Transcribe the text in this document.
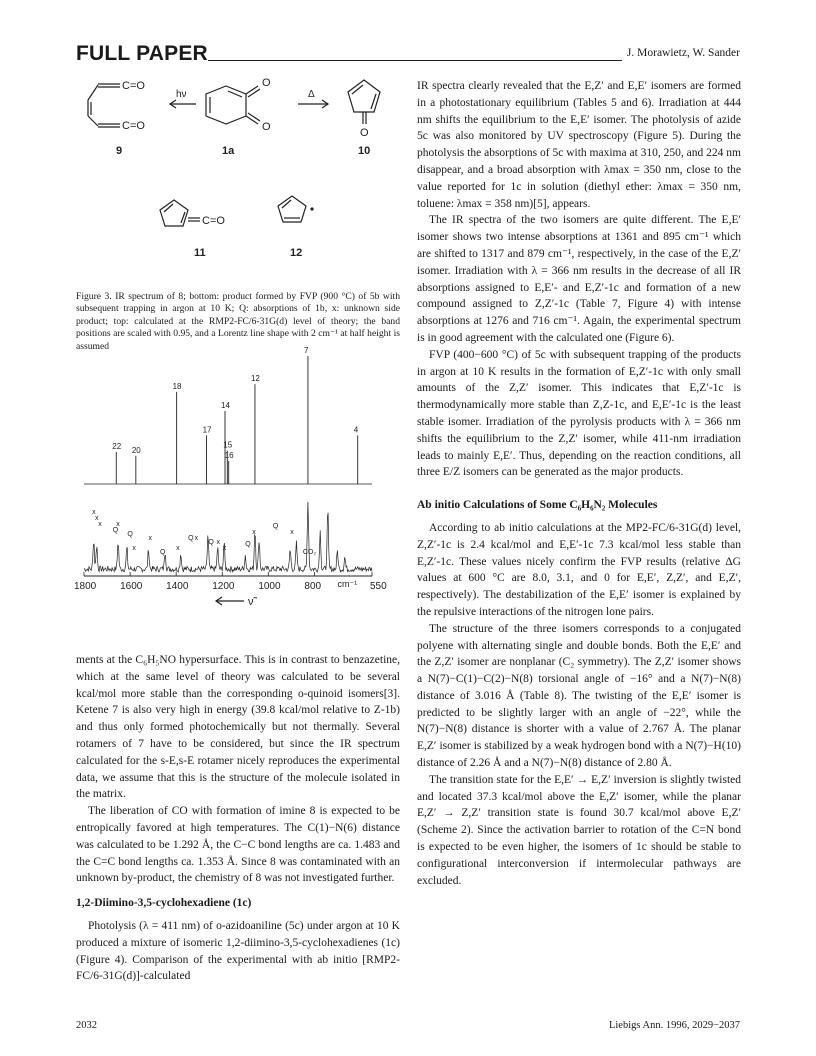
FULL PAPER	J. Morawietz, W. Sander
C=O
C=O
hν
O
O
Δ
O
C=O
9	1a	10
11	12
Figure 3. IR spectrum of 8; bottom: product formed by FVP (900 °C) of 5b with subsequent trapping in argon at 10 K; Q: absorptions of 1b, x: unknown side product; top: calculated at the RMP2-FC/6-31G(d) level of theory; the band positions are scaled with 0.95, and a Lorentz line shape with 2 cm⁻¹ at half height is assumed
22 20
18
17
14
15
16
12
7
4
x
x
x
Q
x
Q
x
x
Q
x
Q x
Q x
x
Q
x
Q
x
CO₂
1800 1600 1400 1200 1000 800	550
cm⁻¹
ν̃

ments at the C₆H₅NO hypersurface. This is in contrast to benzazetine, which at the same level of theory was calculated to be several kcal/mol more stable than the corresponding o-quinoid isomers[3]. Ketene 7 is also very high in energy (39.8 kcal/mol relative to Z-1b) and thus only formed photochemically but not thermally. Several rotamers of 7 have to be considered, but since the IR spectrum calculated for the s-E,s-E rotamer nicely reproduces the experimental data, we assume that this is the structure of the molecule isolated in the matrix.

The liberation of CO with formation of imine 8 is expected to be entropically favored at high temperatures. The C(1)−N(6) distance was calculated to be 1.292 Å, the C−C bond lengths are ca. 1.483 and the C=C bond lengths ca. 1.353 Å. Since 8 was contaminated with an unknown by-product, the chemistry of 8 was not investigated further.

1,2-Diimino-3,5-cyclohexadiene (1c)

Photolysis (λ = 411 nm) of o-azidoaniline (5c) under argon at 10 K produced a mixture of isomeric 1,2-diimino-3,5-cyclohexadienes (1c) (Figure 4). Comparison of the experimental with ab initio [RMP2-FC/6-31G(d)]-calculated

IR spectra clearly revealed that the E,Z′ and E,E′ isomers are formed in a photostationary equilibrium (Tables 5 and 6). Irradiation at 444 nm shifts the equilibrium to the E,E′ isomer. The photolysis of azide 5c was also monitored by UV spectroscopy (Figure 5). During the photolysis the absorptions of 5c with maxima at 310, 250, and 224 nm disappear, and a broad absorption with λmax = 350 nm, close to the value reported for 1c in solution (diethyl ether: λmax = 350 nm, toluene: λmax = 358 nm)[5], appears.

The IR spectra of the two isomers are quite different. The E,E′ isomer shows two intense absorptions at 1361 and 895 cm⁻¹ which are shifted to 1317 and 879 cm⁻¹, respectively, in the case of the E,Z′ isomer. Irradiation with λ = 366 nm results in the decrease of all IR absorptions assigned to E,E′- and E,Z′-1c and formation of a new compound assigned to Z,Z′-1c (Table 7, Figure 4) with intense absorptions at 1276 and 716 cm⁻¹. Again, the experimental spectrum is in good agreement with the calculated one (Figure 6).

FVP (400−600 °C) of 5c with subsequent trapping of the products in argon at 10 K results in the formation of E,Z′-1c with only small amounts of the Z,Z′ isomer. This indicates that E,Z′-1c is thermodynamically more stable than Z,Z-1c, and E,E′-1c is the least stable isomer. Irradiation of the pyrolysis products with λ = 366 nm shifts the equilibrium to the Z,Z′ isomer, while 411-nm irradiation leads to mainly E,E′. Thus, depending on the reaction conditions, all three E/Z isomers can be generated as the major products.

Ab initio Calculations of Some C₆H₆N₂ Molecules

According to ab initio calculations at the MP2-FC/6-31G(d) level, Z,Z′-1c is 2.4 kcal/mol and E,E′-1c 7.3 kcal/mol less stable than E,Z′-1c. These values nicely confirm the FVP results (relative ΔG values at 600 °C are 8.0, 3.1, and 0 for E,E′, Z,Z′, and E,Z′, respectively). The destabilization of the E,E′ isomer is explained by the repulsive interactions of the nitrogen lone pairs.

The structure of the three isomers corresponds to a conjugated polyene with alternating single and double bonds. Both the E,E′ and the Z,Z′ isomer are nonplanar (C₂ symmetry). The Z,Z′ isomer shows a N(7)−C(1)−C(2)−N(8) torsional angle of −16° and a N(7)−N(8) distance of 3.016 Å (Table 8). The twisting of the E,E′ isomer is predicted to be slightly larger with an angle of −22°, while the N(7)−N(8) distance is shorter with a value of 2.767 Å. The planar E,Z′ isomer is stabilized by a weak hydrogen bond with a N(7)−H(10) distance of 2.26 Å and a N(7)−N(8) distance of 2.80 Å.

The transition state for the E,E′ → E,Z′ inversion is slightly twisted and located 37.3 kcal/mol above the E,Z′ isomer, while the planar E,Z′ → Z,Z′ transition state is found 30.7 kcal/mol above E,Z′ (Scheme 2). Since the activation barrier to rotation of the C=N bond is expected to be even higher, the isomers of 1c should be stable to configurational interconversion if intermolecular pathways are excluded.

2032	Liebigs Ann. 1996, 2029−2037
